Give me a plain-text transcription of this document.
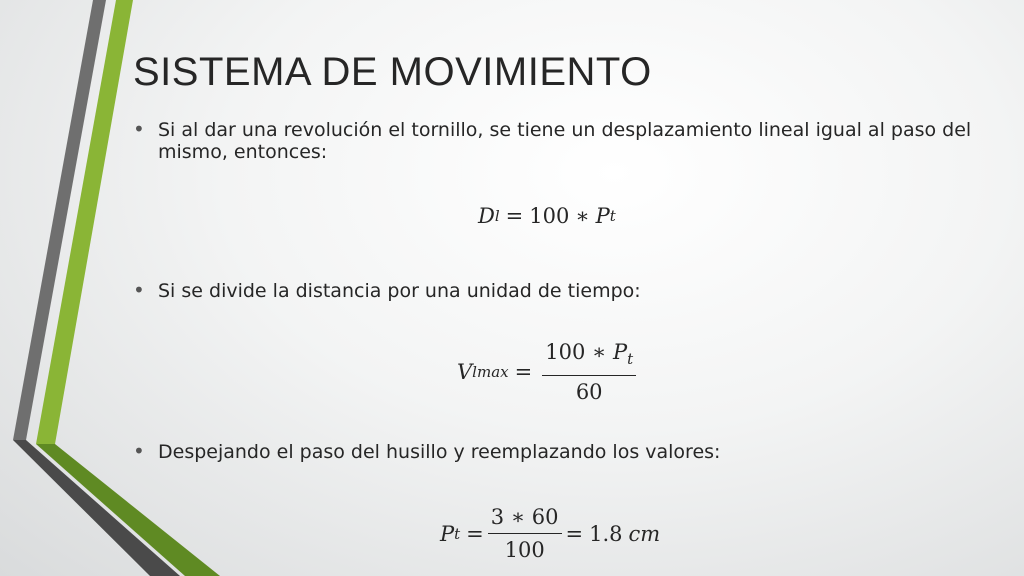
SISTEMA DE MOVIMIENTO
• Si al dar una revolución el tornillo, se tiene un desplazamiento lineal igual al paso del mismo, entonces:
D l = 100 ∗ P t
• Si se divide la distancia por una unidad de tiempo:
V $lmax = \frac{100 ∗ P_t}{60}$
• Despejando el paso del husillo y reemplazando los valores:
P $t = \frac{3 ∗ 60}{100} = 1.8$ cm
